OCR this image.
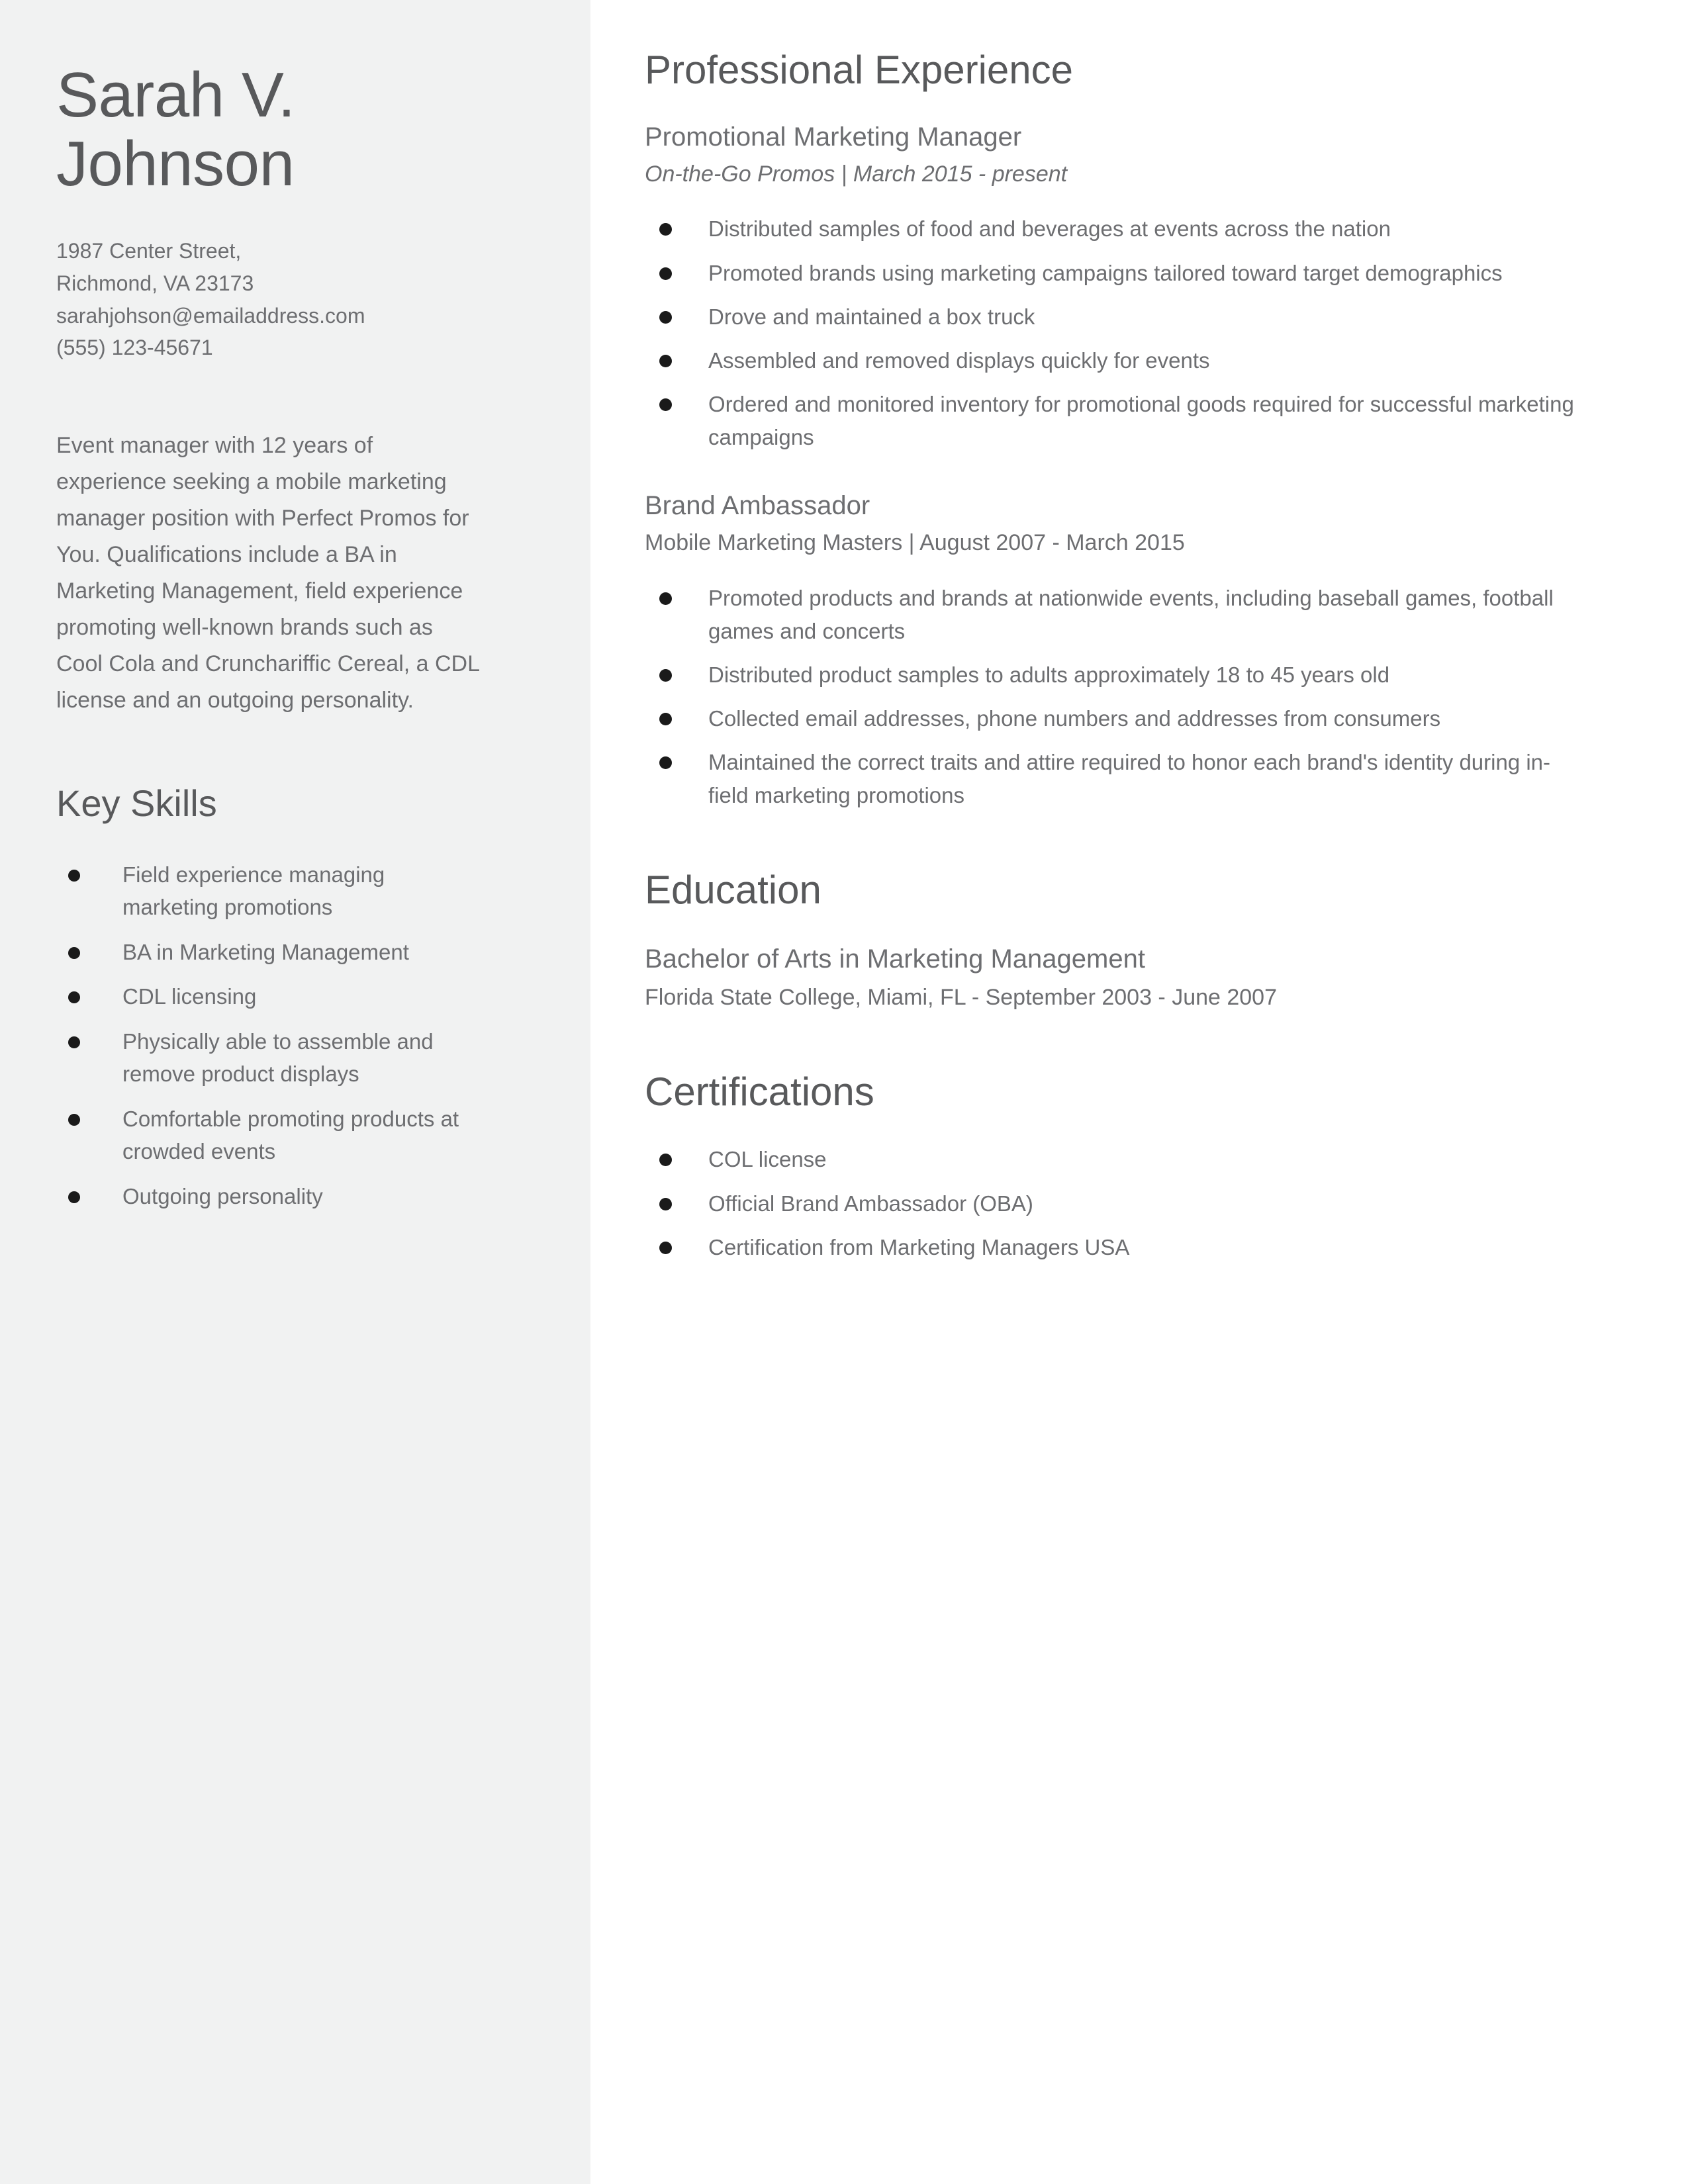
Sarah V.
Johnson
1987 Center Street,
Richmond, VA 23173
sarahjohson@emailaddress.com
(555) 123-45671

Event manager with 12 years of experience seeking a mobile marketing manager position with Perfect Promos for You. Qualifications include a BA in Marketing Management, field experience promoting well-known brands such as Cool Cola and Crunchariffic Cereal, a CDL license and an outgoing personality.

Key Skills
Field experience managing marketing promotions
BA in Marketing Management
CDL licensing
Physically able to assemble and remove product displays
Comfortable promoting products at crowded events
Outgoing personality
Professional Experience
Promotional Marketing Manager
On-the-Go Promos | March 2015 - present
Distributed samples of food and beverages at events across the nation
Promoted brands using marketing campaigns tailored toward target demographics
Drove and maintained a box truck
Assembled and removed displays quickly for events
Ordered and monitored inventory for promotional goods required for successful marketing campaigns
Brand Ambassador
Mobile Marketing Masters | August 2007 - March 2015
Promoted products and brands at nationwide events, including baseball games, football games and concerts
Distributed product samples to adults approximately 18 to 45 years old
Collected email addresses, phone numbers and addresses from consumers
Maintained the correct traits and attire required to honor each brand's identity during in-field marketing promotions
Education
Bachelor of Arts in Marketing Management
Florida State College, Miami, FL - September 2003 - June 2007
Certifications
COL license
Official Brand Ambassador (OBA)
Certification from Marketing Managers USA
